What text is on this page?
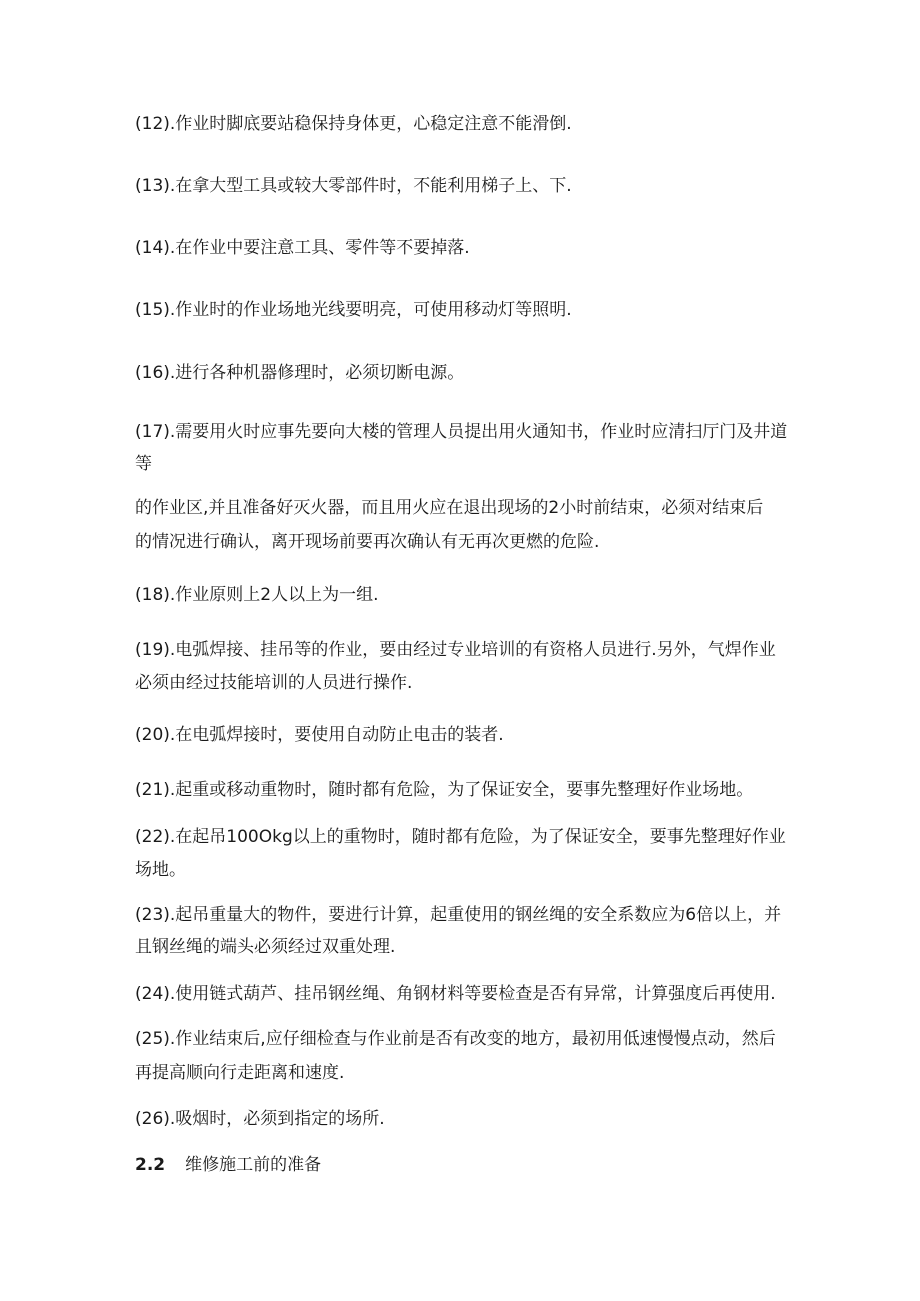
(12).作业时脚底要站稳保持身体更，心稳定注意不能滑倒.
(13).在拿大型工具或较大零部件时，不能利用梯子上、下.
(14).在作业中要注意工具、零件等不要掉落.
(15).作业时的作业场地光线要明亮，可使用移动灯等照明.
(16).进行各种机器修理时，必须切断电源。
(17).需要用火时应事先要向大楼的管理人员提出用火通知书，作业时应清扫厅门及井道
等
的作业区,并且准备好灭火器，而且用火应在退出现场的2小时前结束，必须对结束后
的情况进行确认，离开现场前要再次确认有无再次更燃的危险.
(18).作业原则上2人以上为一组.
(19).电弧焊接、挂吊等的作业，要由经过专业培训的有资格人员进行.另外，气焊作业
必须由经过技能培训的人员进行操作.
(20).在电弧焊接时，要使用自动防止电击的装者.
(21).起重或移动重物时，随时都有危险，为了保证安全，要事先整理好作业场地。
(22).在起吊100Okg以上的重物时，随时都有危险，为了保证安全，要事先整理好作业
场地。
(23).起吊重量大的物件，要进行计算，起重使用的钢丝绳的安全系数应为6倍以上，并
且钢丝绳的端头必须经过双重处理.
(24).使用链式葫芦、挂吊钢丝绳、角钢材料等要检查是否有异常，计算强度后再使用.
(25).作业结束后,应仔细检查与作业前是否有改变的地方，最初用低速慢慢点动，然后
再提高顺向行走距离和速度.
(26).吸烟时，必须到指定的场所.
2.2 维修施工前的准备
